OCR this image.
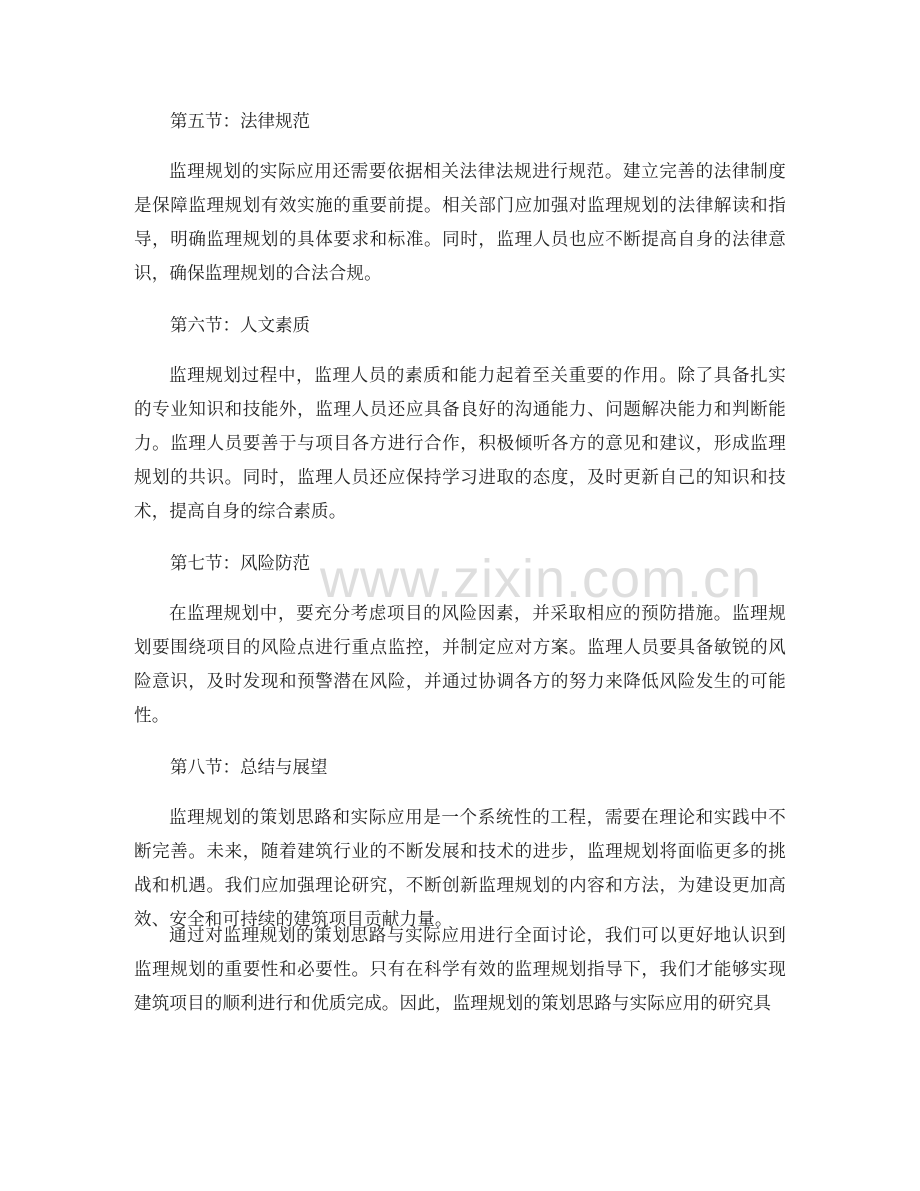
第五节：法律规范

监理规划的实际应用还需要依据相关法律法规进行规范。建立完善的法律制度是保障监理规划有效实施的重要前提。相关部门应加强对监理规划的法律解读和指导，明确监理规划的具体要求和标准。同时，监理人员也应不断提高自身的法律意识，确保监理规划的合法合规。

第六节：人文素质

监理规划过程中，监理人员的素质和能力起着至关重要的作用。除了具备扎实的专业知识和技能外，监理人员还应具备良好的沟通能力、问题解决能力和判断能力。监理人员要善于与项目各方进行合作，积极倾听各方的意见和建议，形成监理规划的共识。同时，监理人员还应保持学习进取的态度，及时更新自己的知识和技术，提高自身的综合素质。

第七节：风险防范

在监理规划中，要充分考虑项目的风险因素，并采取相应的预防措施。监理规划要围绕项目的风险点进行重点监控，并制定应对方案。监理人员要具备敏锐的风险意识，及时发现和预警潜在风险，并通过协调各方的努力来降低风险发生的可能性。

第八节：总结与展望

监理规划的策划思路和实际应用是一个系统性的工程，需要在理论和实践中不断完善。未来，随着建筑行业的不断发展和技术的进步，监理规划将面临更多的挑战和机遇。我们应加强理论研究，不断创新监理规划的内容和方法，为建设更加高效、安全和可持续的建筑项目贡献力量。

通过对监理规划的策划思路与实际应用进行全面讨论，我们可以更好地认识到监理规划的重要性和必要性。只有在科学有效的监理规划指导下，我们才能够实现建筑项目的顺利进行和优质完成。因此，监理规划的策划思路与实际应用的研究具

www.zixin.com.cn
